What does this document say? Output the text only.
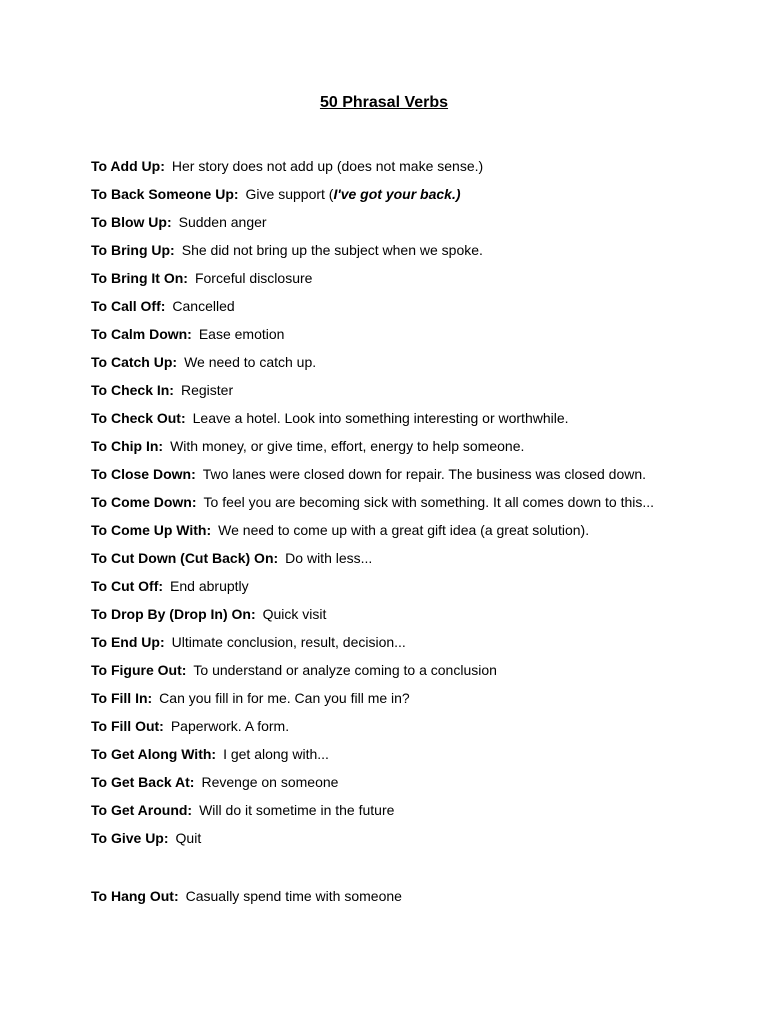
50 Phrasal Verbs
To Add Up: Her story does not add up (does not make sense.)
To Back Someone Up: Give support (I've got your back.)
To Blow Up: Sudden anger
To Bring Up: She did not bring up the subject when we spoke.
To Bring It On: Forceful disclosure
To Call Off: Cancelled
To Calm Down: Ease emotion
To Catch Up: We need to catch up.
To Check In: Register
To Check Out: Leave a hotel. Look into something interesting or worthwhile.
To Chip In: With money, or give time, effort, energy to help someone.
To Close Down: Two lanes were closed down for repair. The business was closed down.
To Come Down: To feel you are becoming sick with something. It all comes down to this...
To Come Up With: We need to come up with a great gift idea (a great solution).
To Cut Down (Cut Back) On: Do with less...
To Cut Off: End abruptly
To Drop By (Drop In) On: Quick visit
To End Up: Ultimate conclusion, result, decision...
To Figure Out: To understand or analyze coming to a conclusion
To Fill In: Can you fill in for me. Can you fill me in?
To Fill Out: Paperwork. A form.
To Get Along With: I get along with...
To Get Back At: Revenge on someone
To Get Around: Will do it sometime in the future
To Give Up: Quit
To Hang Out: Casually spend time with someone
